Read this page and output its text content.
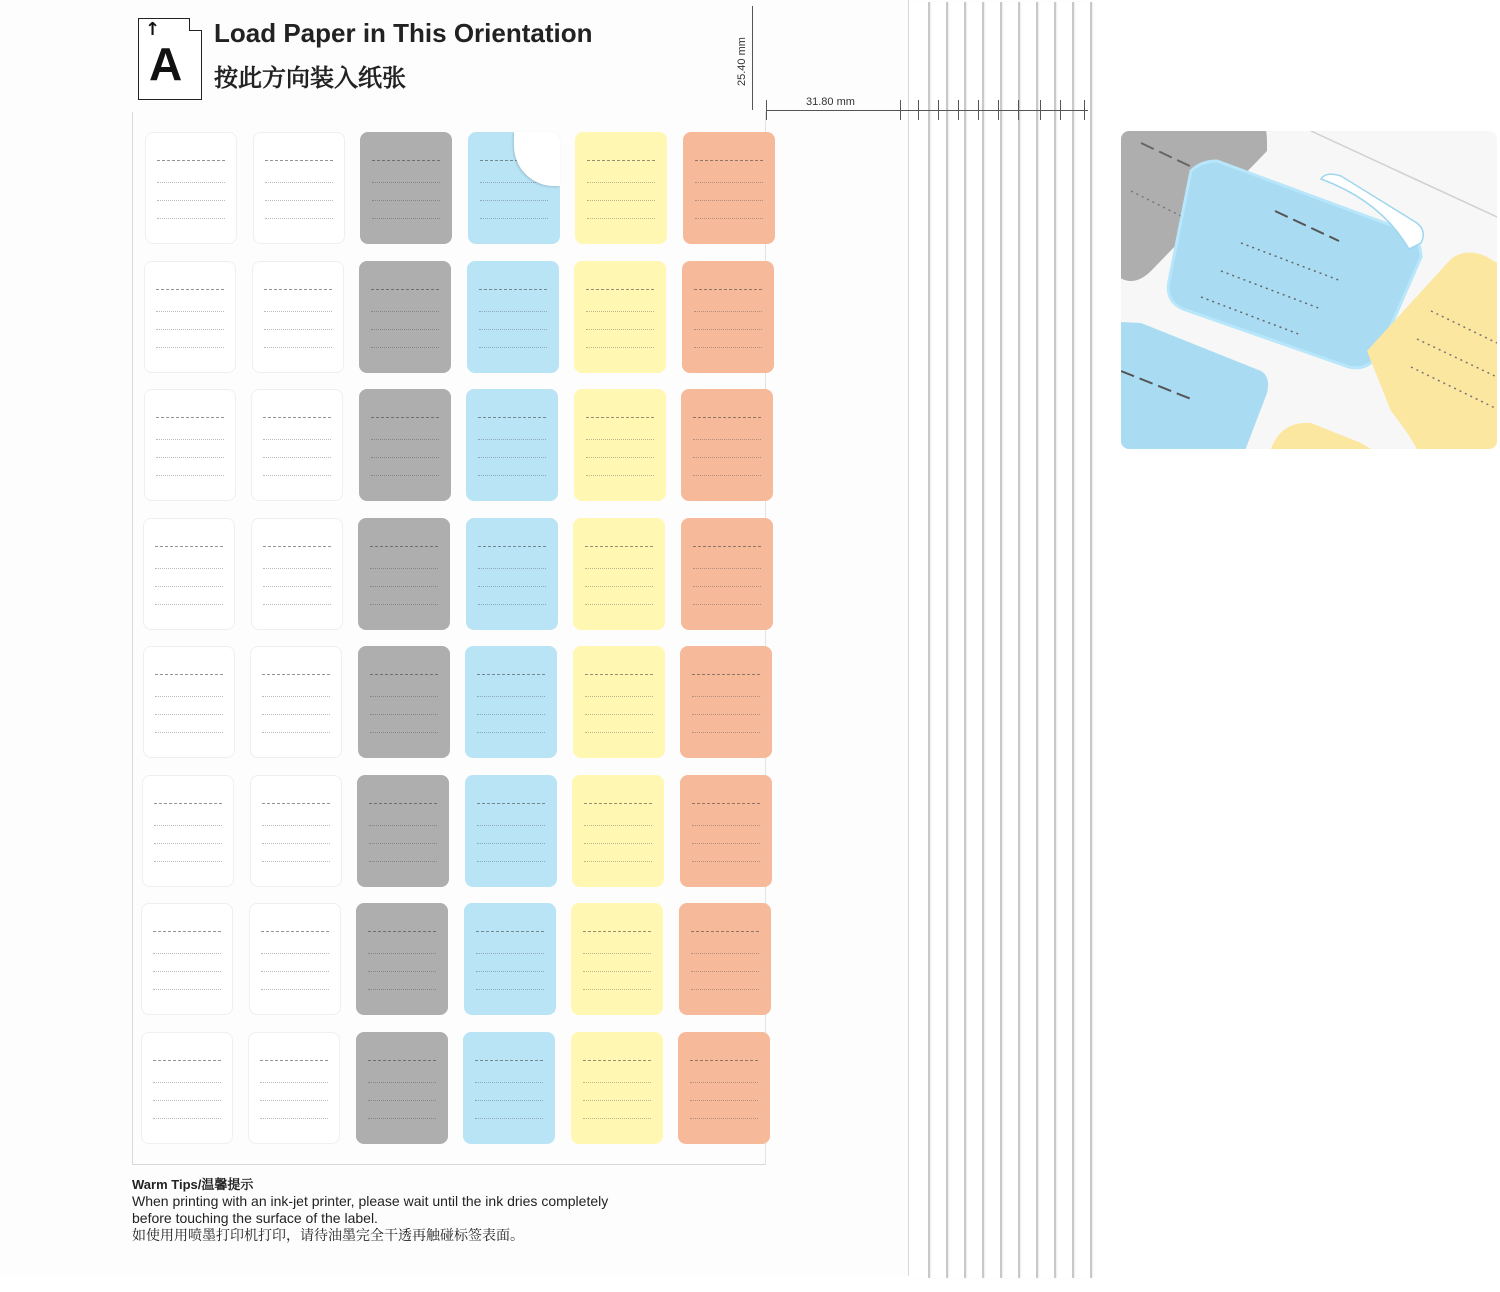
↑
A
Load Paper in This Orientation
按此方向装入纸张	25.40 mm
Warm Tips/温馨提示
When printing with an ink-jet printer, please wait until the ink dries completely
before touching the surface of the label.
如使用用喷墨打印机打印，请待油墨完全干透再触碰标签表面。
31.80 mm
